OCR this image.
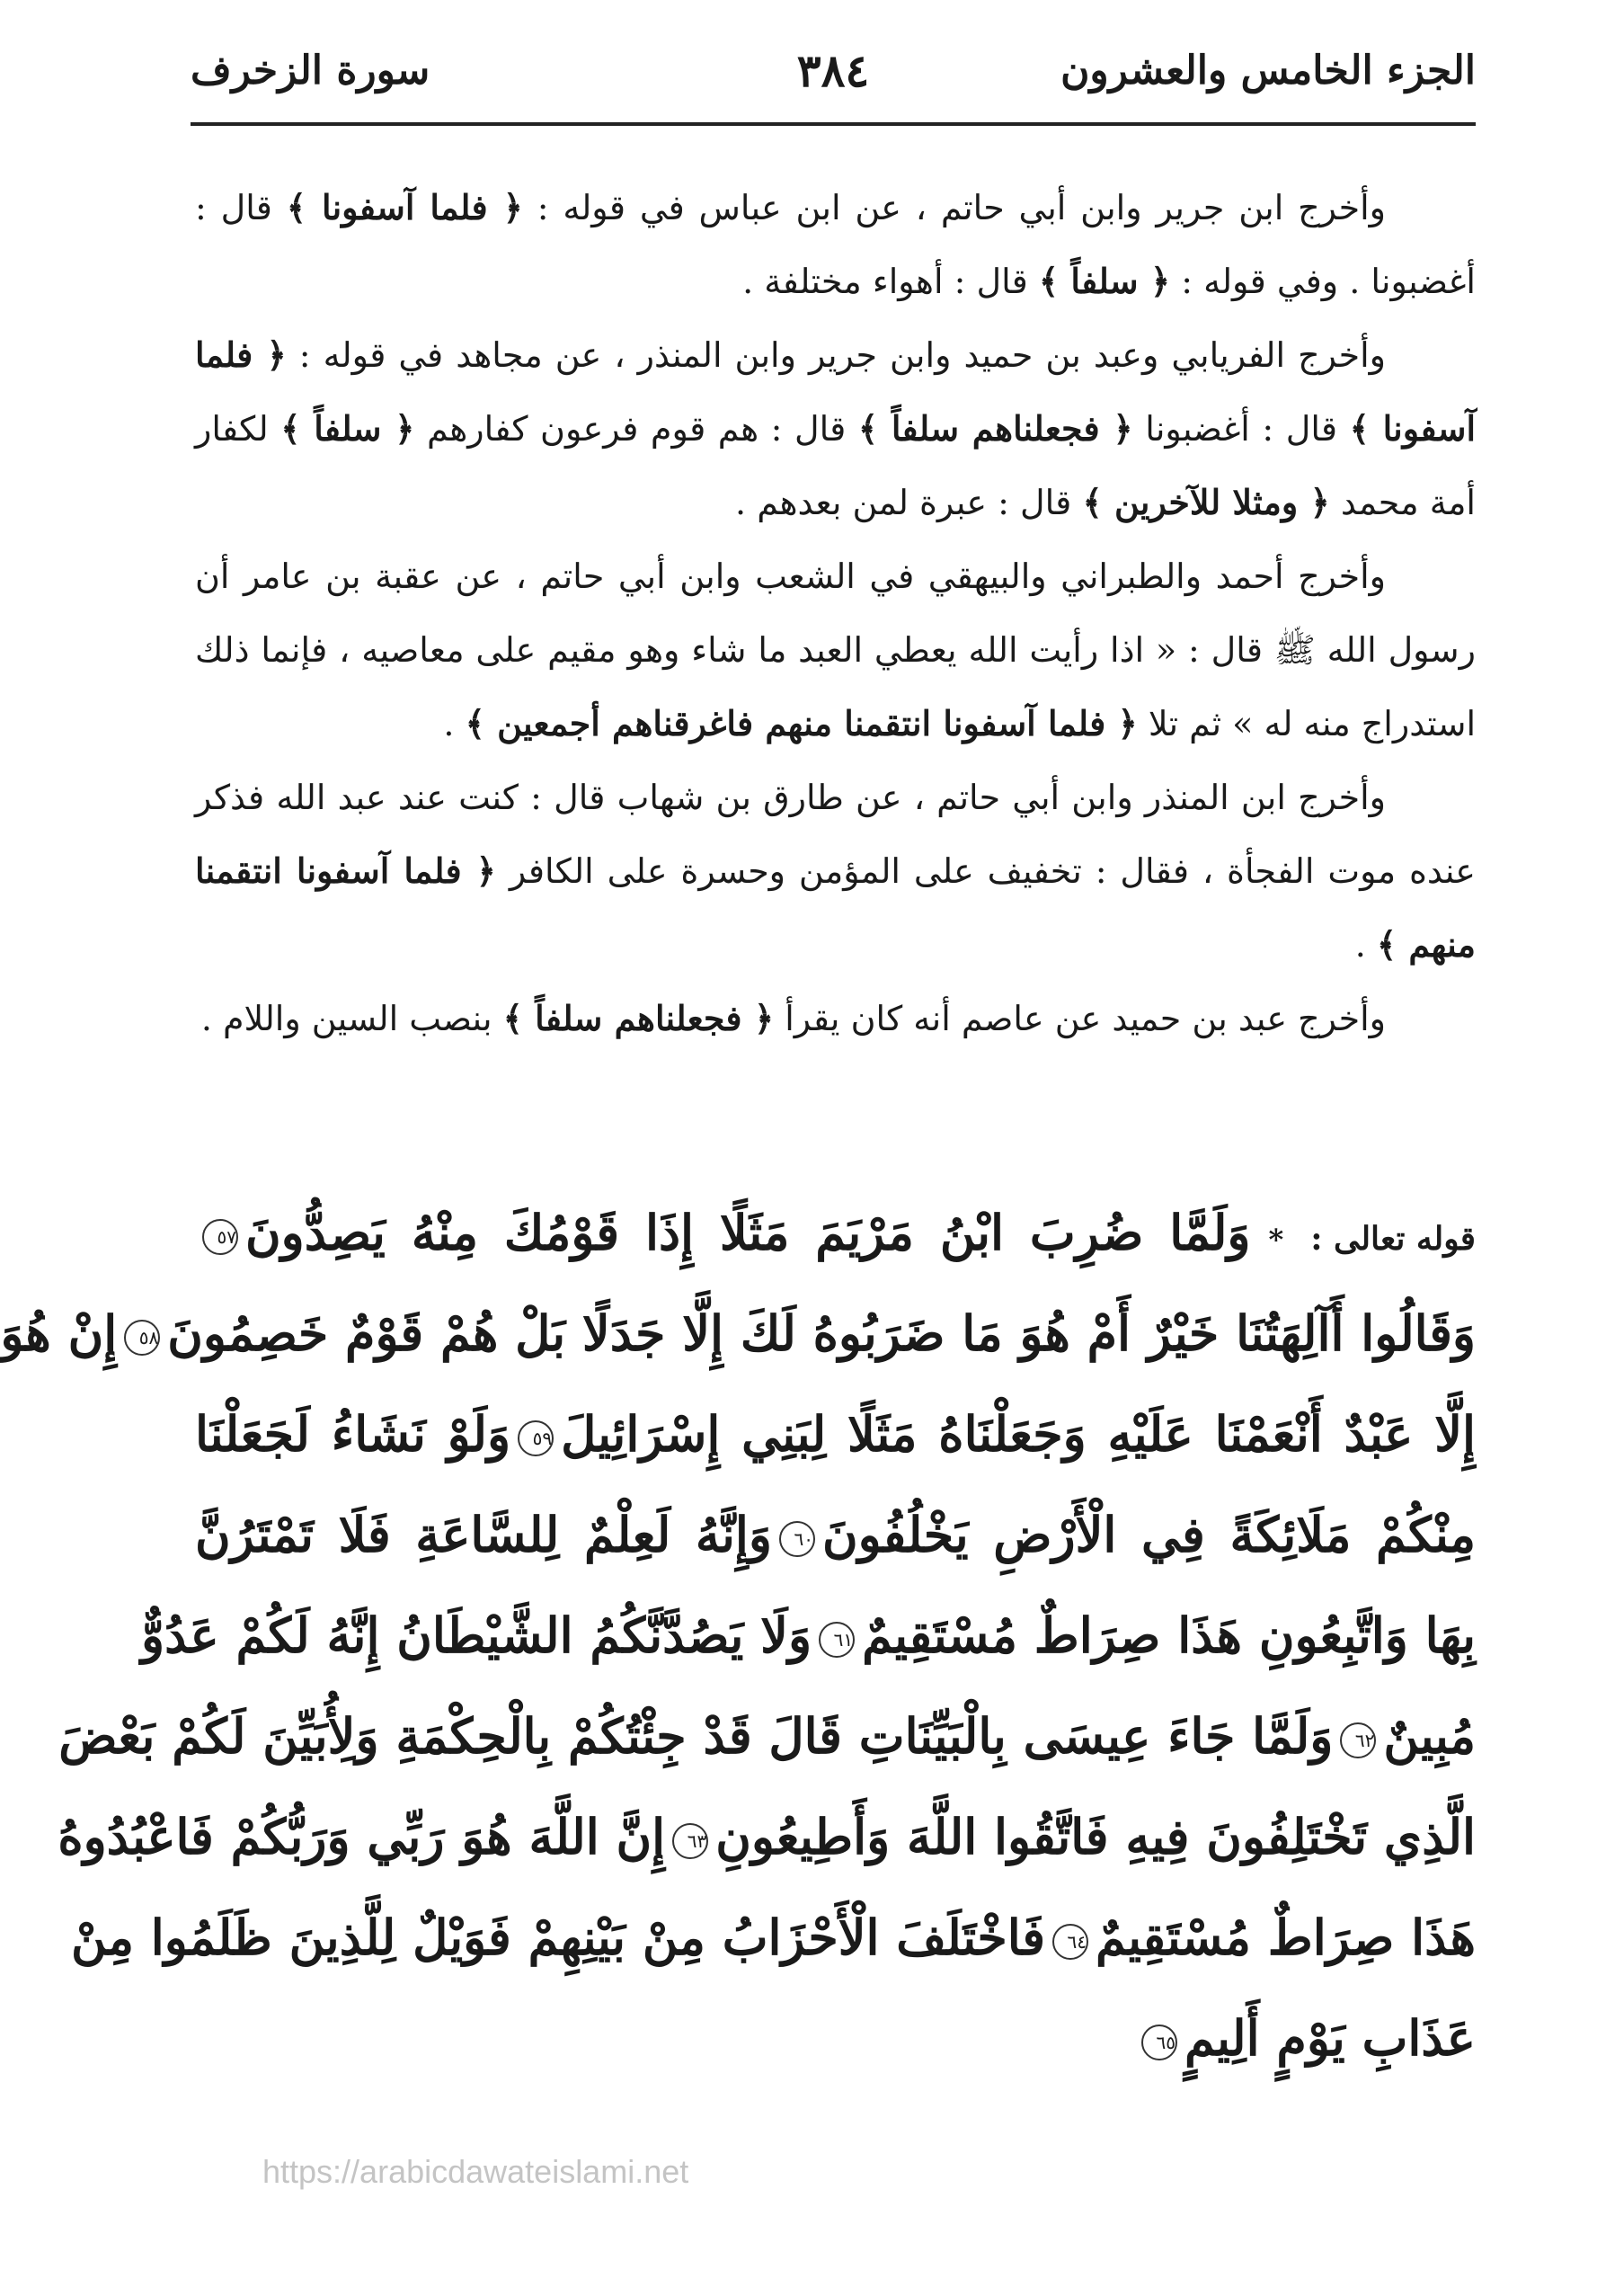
الجزء الخامس والعشرون
٣٨٤
سورة الزخرف

وأخرج ابن جرير وابن أبي حاتم ، عن ابن عباس في قوله : ﴿ فلما آسفونا ﴾ قال : أغضبونا . وفي قوله : ﴿ سلفاً ﴾ قال : أهواء مختلفة .

وأخرج الفريابي وعبد بن حميد وابن جرير وابن المنذر ، عن مجاهد في قوله : ﴿ فلما آسفونا ﴾ قال : أغضبونا ﴿ فجعلناهم سلفاً ﴾ قال : هم قوم فرعون كفارهم ﴿ سلفاً ﴾ لكفار أمة محمد ﴿ ومثلا للآخرين ﴾ قال : عبرة لمن بعدهم .

وأخرج أحمد والطبراني والبيهقي في الشعب وابن أبي حاتم ، عن عقبة بن عامر أن رسول الله ﷺ قال : « اذا رأيت الله يعطي العبد ما شاء وهو مقيم على معاصيه ، فإنما ذلك استدراج منه له » ثم تلا ﴿ فلما آسفونا انتقمنا منهم فاغرقناهم أجمعين ﴾ .

وأخرج ابن المنذر وابن أبي حاتم ، عن طارق بن شهاب قال : كنت عند عبد الله فذكر عنده موت الفجأة ، فقال : تخفيف على المؤمن وحسرة على الكافر ﴿ فلما آسفونا انتقمنا منهم ﴾ .

وأخرج عبد بن حميد عن عاصم أنه كان يقرأ ﴿ فجعلناهم سلفاً ﴾ بنصب السين واللام .

قوله تعالى :*وَلَمَّا ضُرِبَ ابْنُ مَرْيَمَ مَثَلًا إِذَا قَوْمُكَ مِنْهُ يَصِدُّونَ٥٧

وَقَالُوا أَآلِهَتُنَا خَيْرٌ أَمْ هُوَ مَا ضَرَبُوهُ لَكَ إِلَّا جَدَلًا بَلْ هُمْ قَوْمٌ خَصِمُونَ٥٨إِنْ هُوَ

إِلَّا عَبْدٌ أَنْعَمْنَا عَلَيْهِ وَجَعَلْنَاهُ مَثَلًا لِبَنِي إِسْرَائِيلَ٥٩وَلَوْ نَشَاءُ لَجَعَلْنَا

مِنْكُمْ مَلَائِكَةً فِي الْأَرْضِ يَخْلُفُونَ٦٠وَإِنَّهُ لَعِلْمٌ لِلسَّاعَةِ فَلَا تَمْتَرُنَّ

بِهَا وَاتَّبِعُونِ هَذَا صِرَاطٌ مُسْتَقِيمٌ٦١وَلَا يَصُدَّنَّكُمُ الشَّيْطَانُ إِنَّهُ لَكُمْ عَدُوٌّ

مُبِينٌ٦٢وَلَمَّا جَاءَ عِيسَى بِالْبَيِّنَاتِ قَالَ قَدْ جِئْتُكُمْ بِالْحِكْمَةِ وَلِأُبَيِّنَ لَكُمْ بَعْضَ

الَّذِي تَخْتَلِفُونَ فِيهِ فَاتَّقُوا اللَّهَ وَأَطِيعُونِ٦٣إِنَّ اللَّهَ هُوَ رَبِّي وَرَبُّكُمْ فَاعْبُدُوهُ

هَذَا صِرَاطٌ مُسْتَقِيمٌ٦٤فَاخْتَلَفَ الْأَحْزَابُ مِنْ بَيْنِهِمْ فَوَيْلٌ لِلَّذِينَ ظَلَمُوا مِنْ

عَذَابِ يَوْمٍ أَلِيمٍ٦٥

https://arabicdawateislami.net
